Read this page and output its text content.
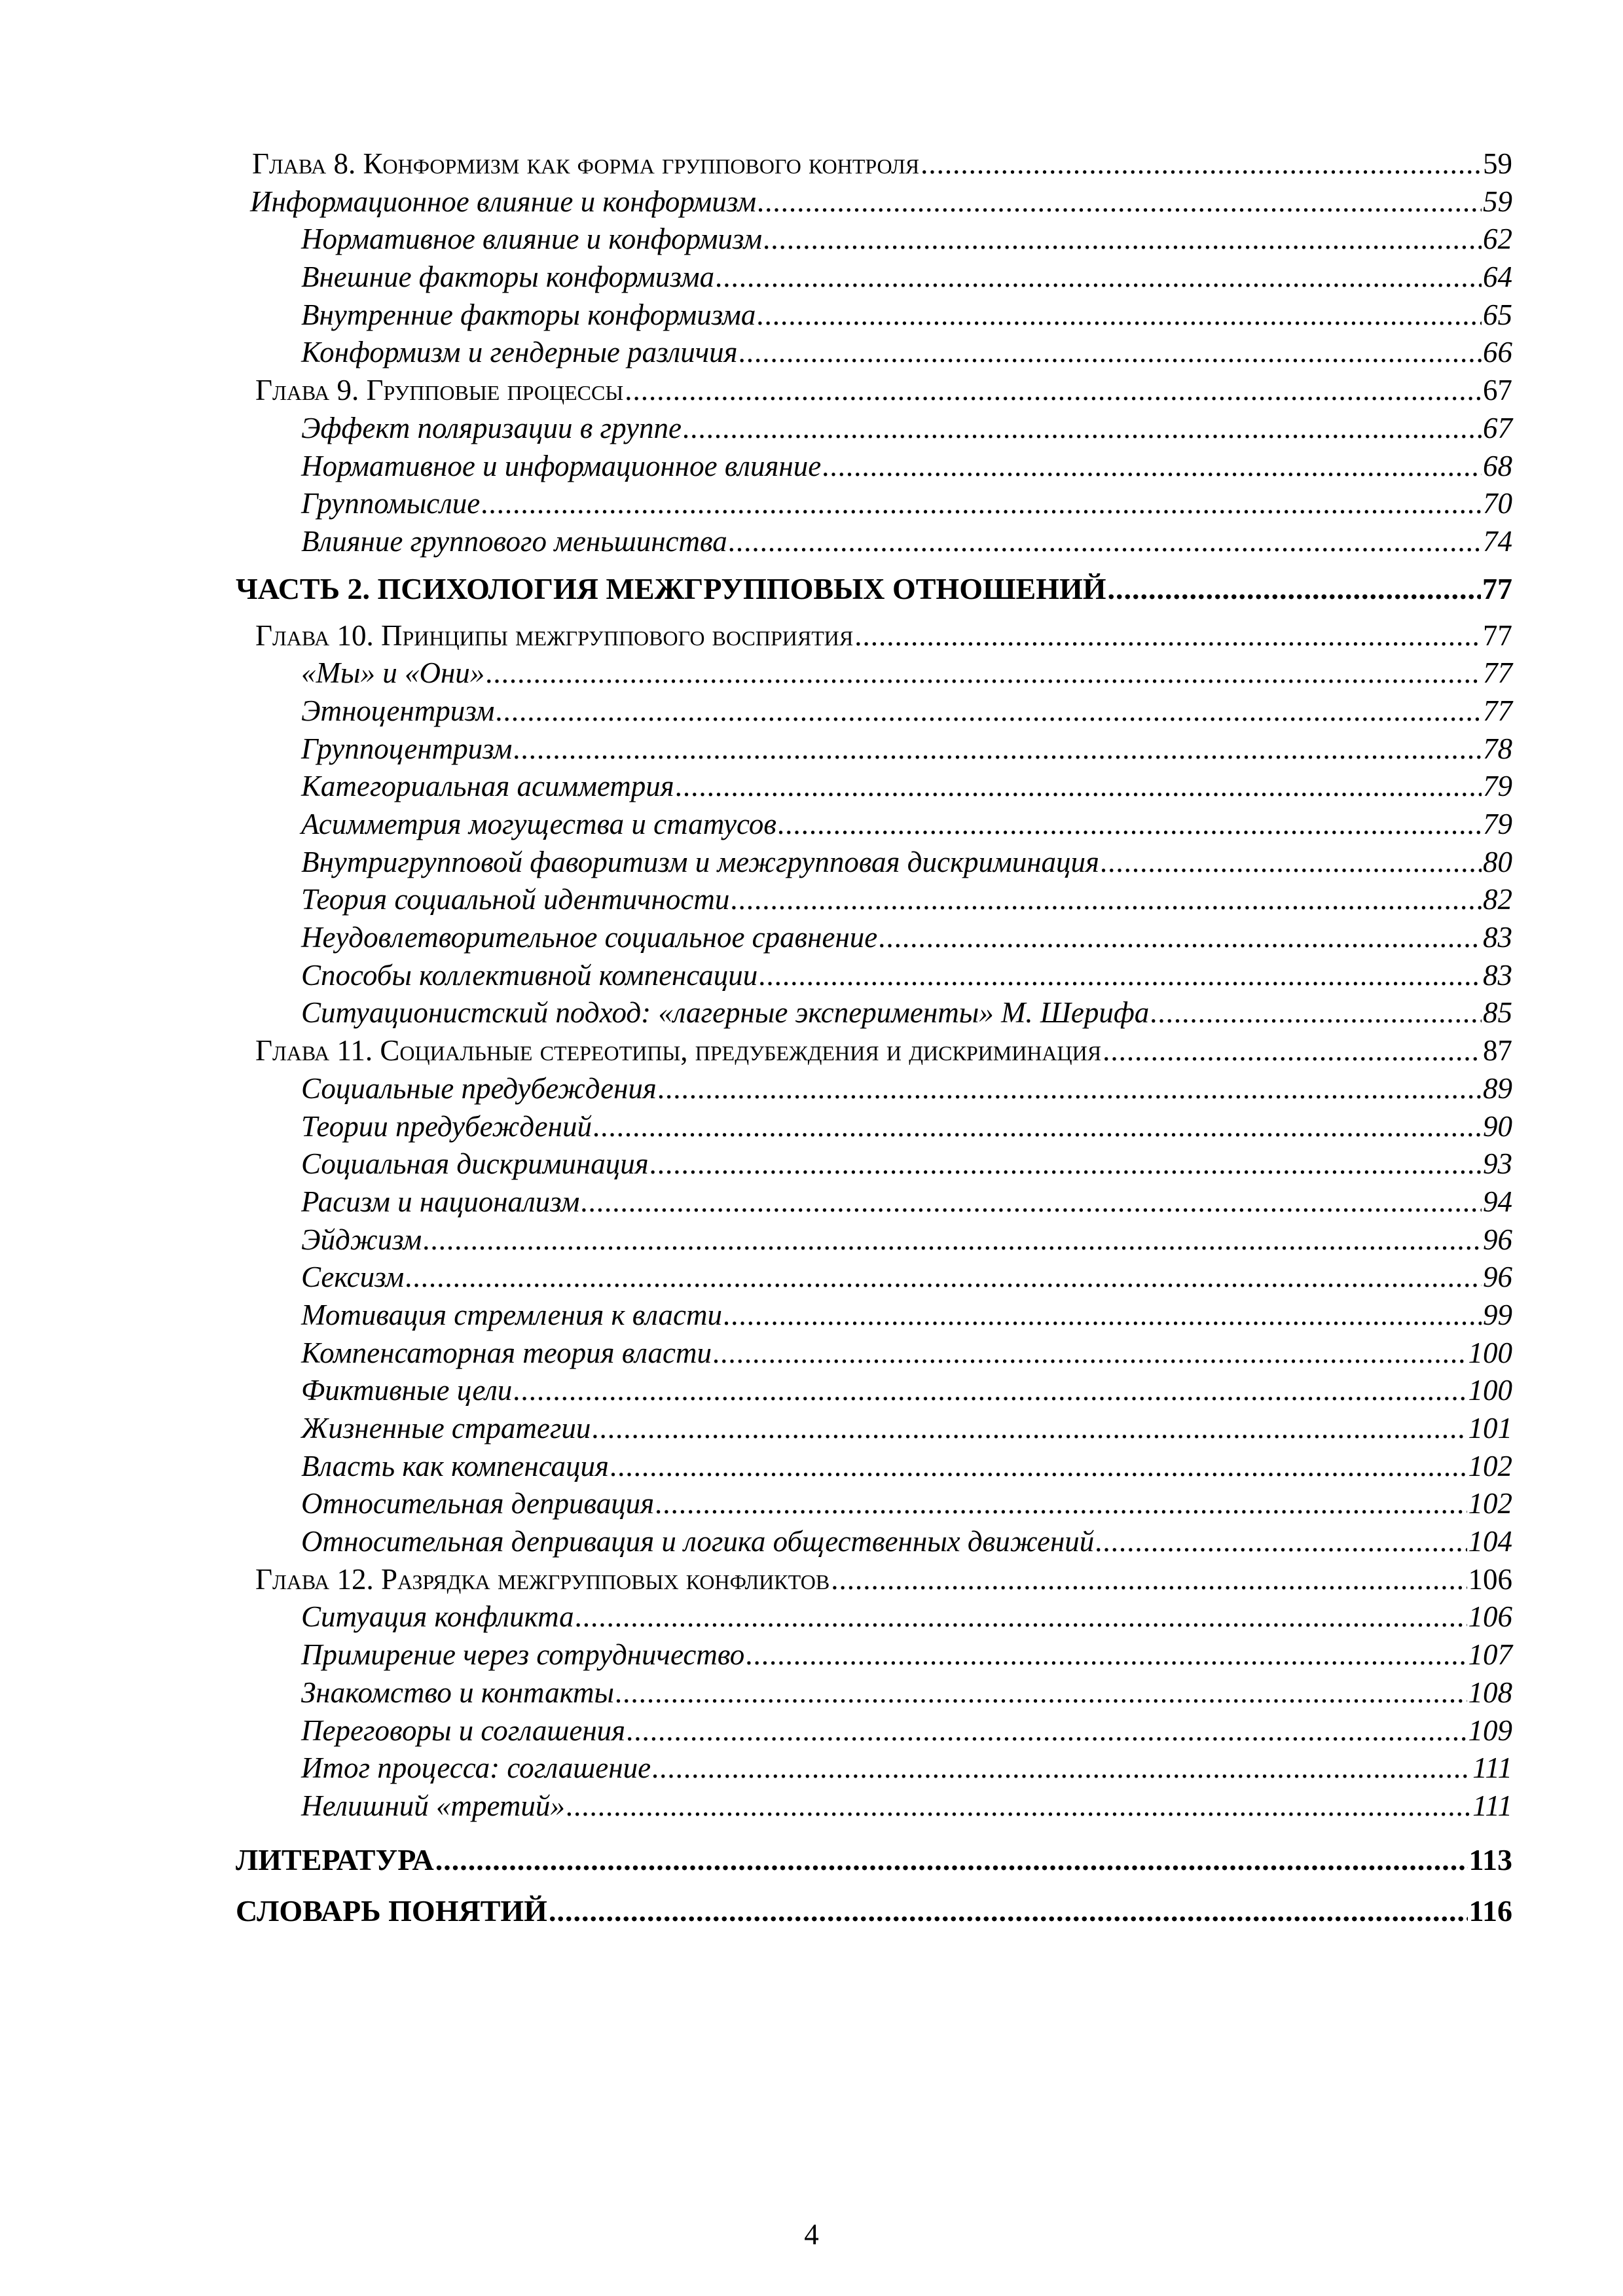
Глава 8. Конформизм как форма группового контроля .....	59
Информационное влияние и конформизм .....	59
Нормативное влияние и конформизм .....	62
Внешние факторы конформизма .....	64
Внутренние факторы конформизма .....	65
Конформизм и гендерные различия .....	66
Глава 9. Групповые процессы .....	67
Эффект поляризации в группе .....	67
Нормативное и информационное влияние .....	68
Группомыслие .....	70
Влияние группового меньшинства .....	74
ЧАСТЬ 2. ПСИХОЛОГИЯ МЕЖГРУППОВЫХ ОТНОШЕНИЙ .....	77
Глава 10. Принципы межгруппового восприятия .....	77
«Мы» и «Они» .....	77
Этноцентризм .....	77
Группоцентризм .....	78
Категориальная асимметрия .....	79
Асимметрия могущества и статусов .....	79
Внутригрупповой фаворитизм и межгрупповая дискриминация .....	80
Теория социальной идентичности .....	82
Неудовлетворительное социальное сравнение .....	83
Способы коллективной компенсации .....	83
Ситуационистский подход: «лагерные эксперименты» М. Шерифа .....	85
Глава 11. Социальные стереотипы, предубеждения и дискриминация .....	87
Социальные предубеждения .....	89
Теории предубеждений .....	90
Социальная дискриминация .....	93
Расизм и национализм .....	94
Эйджизм .....	96
Сексизм .....	96
Мотивация стремления к власти .....	99
Компенсаторная теория власти .....	100
Фиктивные цели .....	100
Жизненные стратегии .....	101
Власть как компенсация .....	102
Относительная депривация .....	102
Относительная депривация и логика общественных движений .....	104
Глава 12. Разрядка межгрупповых конфликтов .....	106
Ситуация конфликта .....	106
Примирение через сотрудничество .....	107
Знакомство и контакты .....	108
Переговоры и соглашения .....	109
Итог процесса: соглашение .....	111
Нелишний «третий» .....	111
ЛИТЕРАТУРА .....	113
СЛОВАРЬ ПОНЯТИЙ .....	116
4
